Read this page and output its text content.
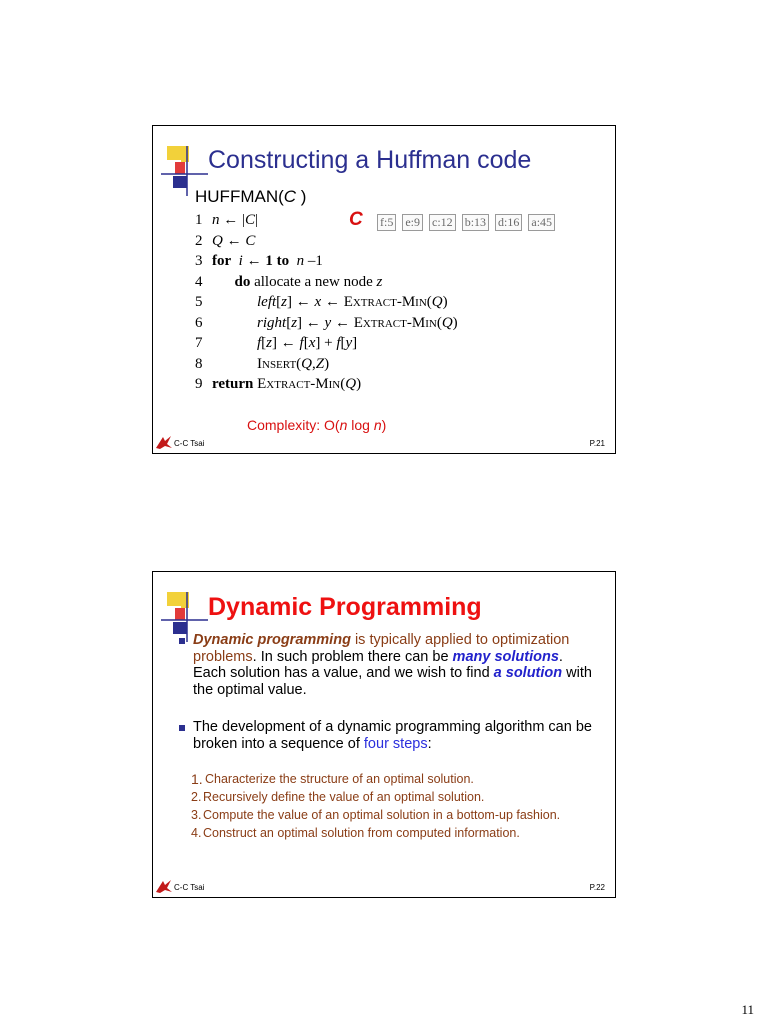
Constructing a Huffman code
HUFFMAN(C )
C f:5 e:9 c:12 b:13 d:16 a:45
1 n ← |C|
2 Q ← C
3 for i ← 1 to n –1
4 do allocate a new node z
5	left[z] ← x ← Extract-Min(Q)
6	right[z] ← y ← Extract-Min(Q)
7	f[z] ← f[x] + f[y]
8	Insert(Q,Z)
9 return Extract-Min(Q)
Complexity: O(n log n)
C-C Tsai	P.21
Dynamic Programming
Dynamic programming is typically applied to optimization problems. In such problem there can be many solutions. Each solution has a value, and we wish to find a solution with the optimal value.
The development of a dynamic programming algorithm can be broken into a sequence of four steps:
1. Characterize the structure of an optimal solution.
2. Recursively define the value of an optimal solution.
3. Compute the value of an optimal solution in a bottom-up fashion.
4. Construct an optimal solution from computed information.
C-C Tsai	P.22
11
